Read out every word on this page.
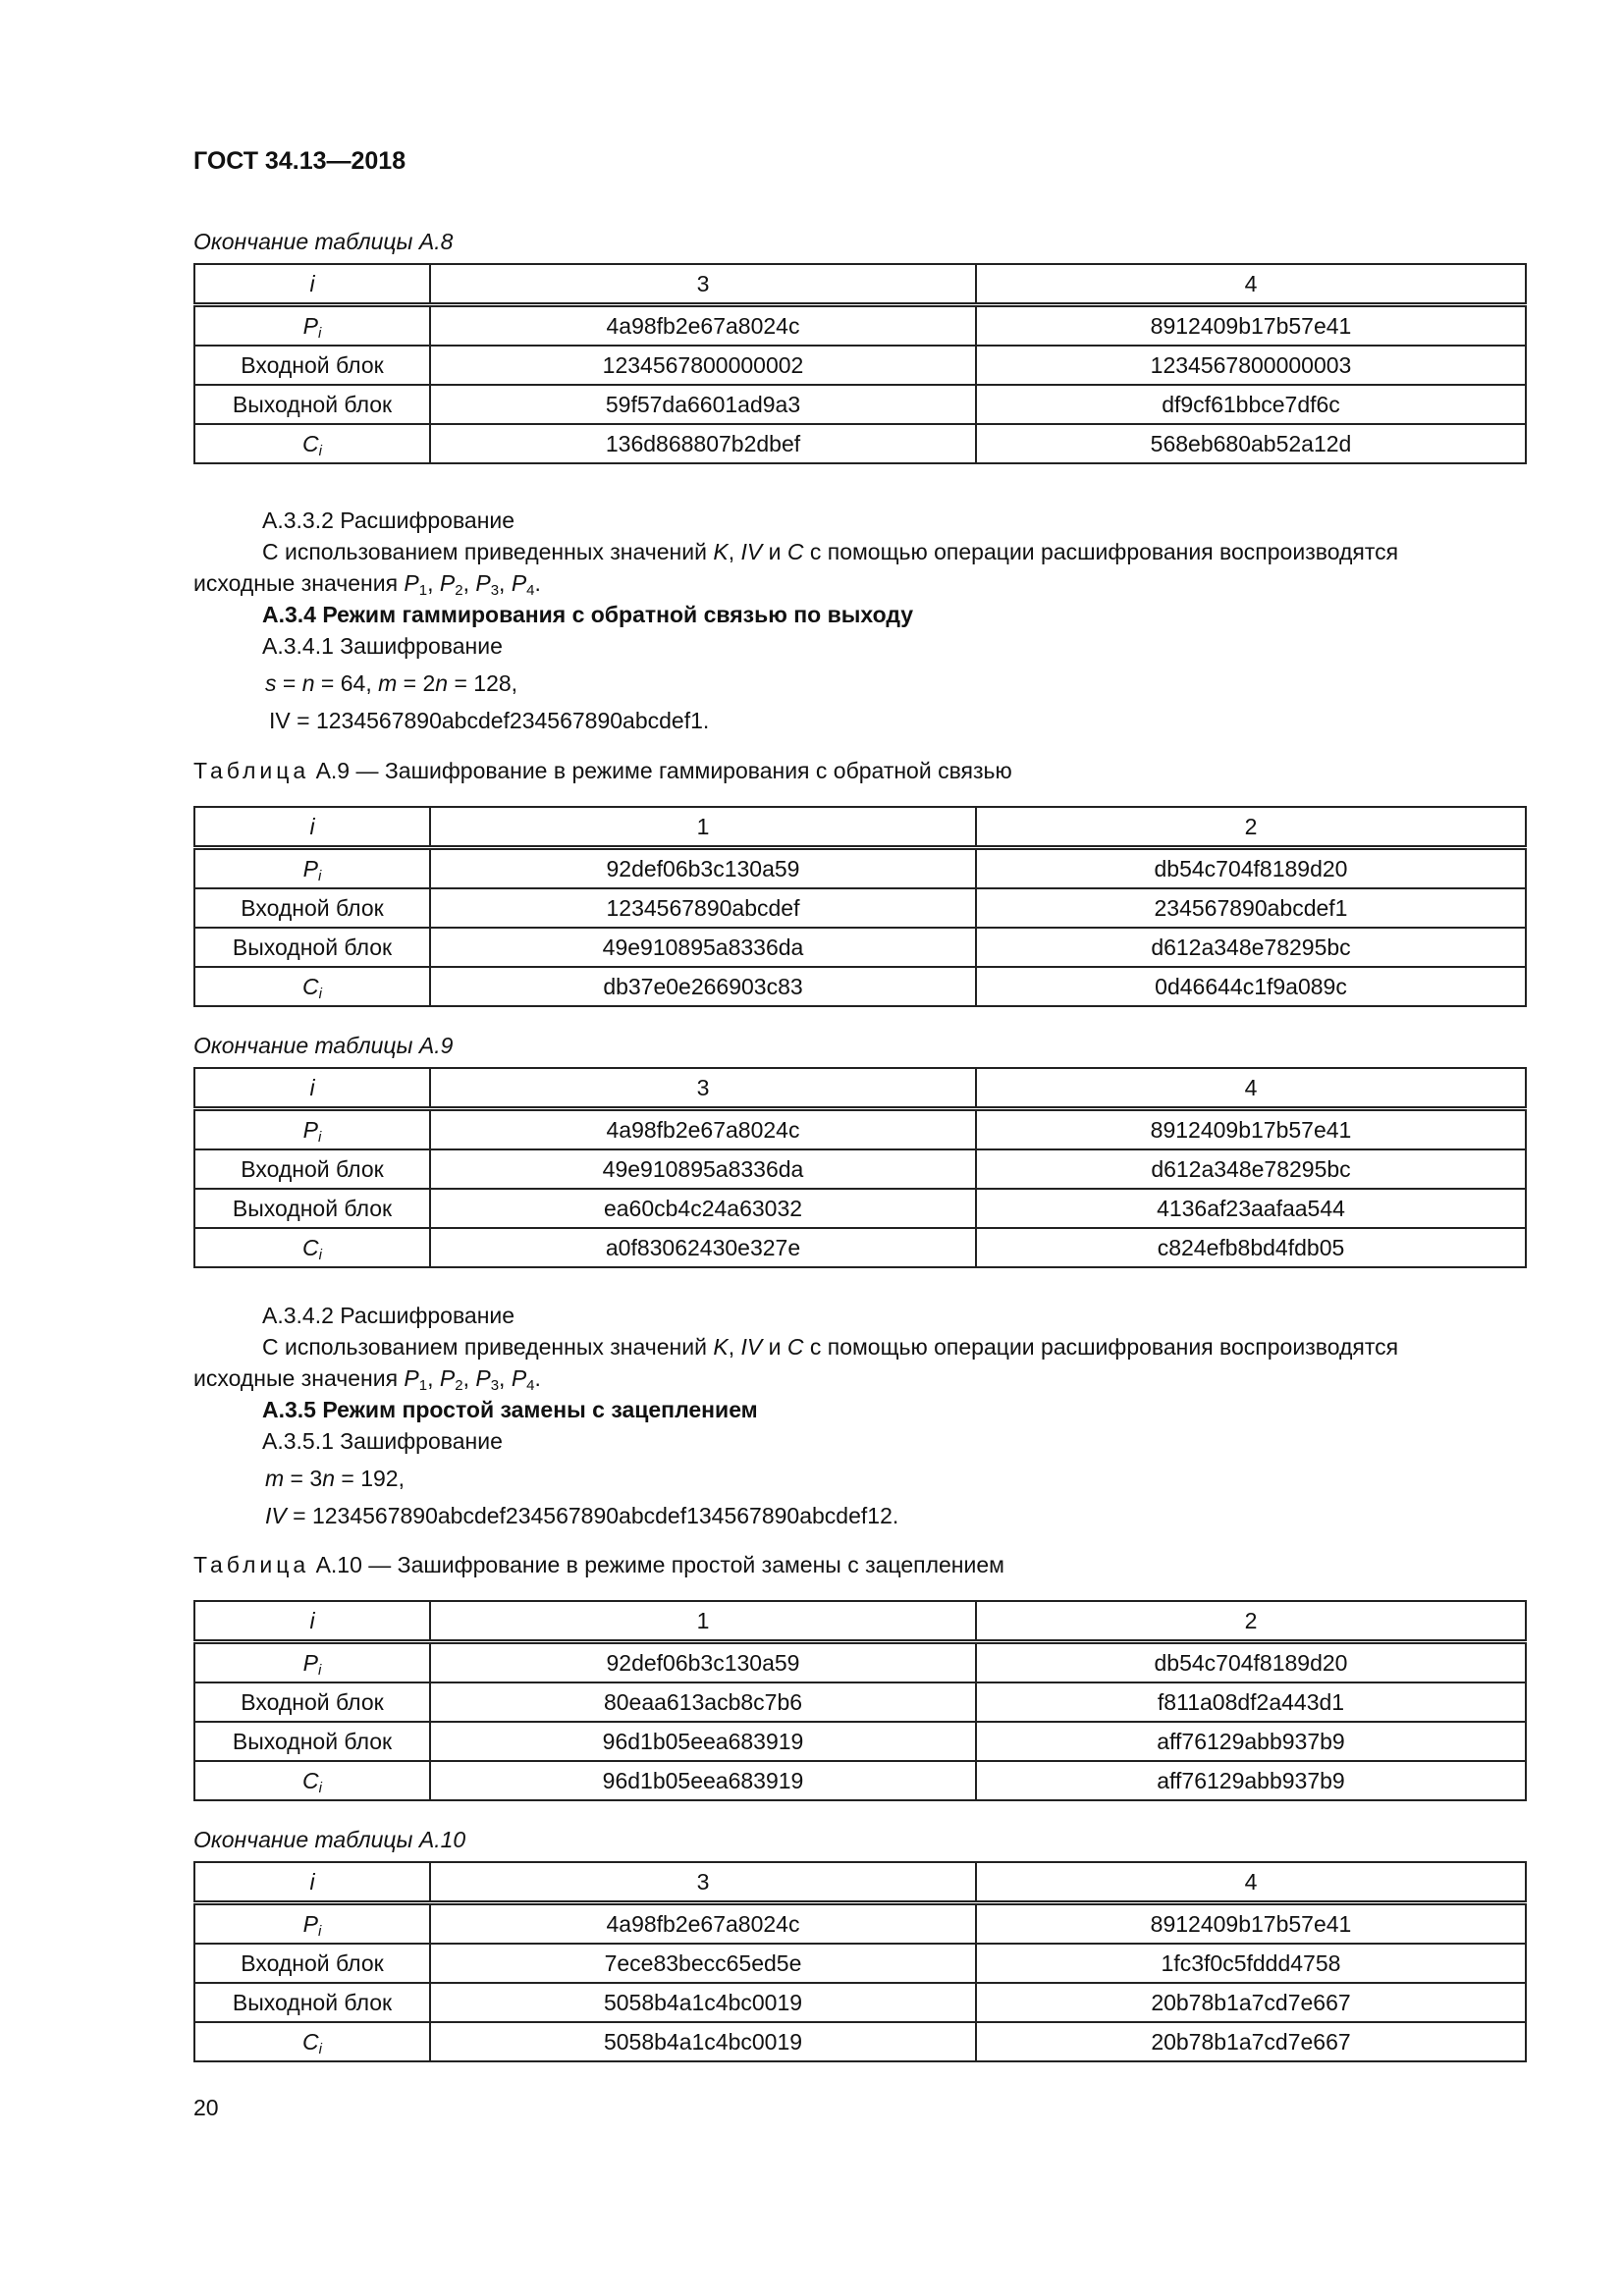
ГОСТ 34.13—2018
Окончание таблицы А.8
i	3	4
$P_i$	4a98fb2e67a8024c	8912409b17b57e41
Входной блок	1234567800000002	1234567800000003
Выходной блок	59f57da6601ad9a3	df9cf61bbce7df6c
$C_i$	136d868807b2dbef	568eb680ab52a12d
А.3.3.2 Расшифрование
С использованием приведенных значений K, IV и C с помощью операции расшифрования воспроизводятся
исходные значения $P_1$, $P_2$, $P_3$, $P_4$.
А.3.4 Режим гаммирования с обратной связью по выходу
А.3.4.1 Зашифрование
s = n = 64, m = 2n = 128,
IV = 1234567890abcdef234567890abcdef1.
Таблица А.9 — Зашифрование в режиме гаммирования с обратной связью
i	1	2
$P_i$	92def06b3c130a59	db54c704f8189d20
Входной блок	1234567890abcdef	234567890abcdef1
Выходной блок	49e910895a8336da	d612a348e78295bc
$C_i$	db37e0e266903c83	0d46644c1f9a089c
Окончание таблицы А.9
i	3	4
$P_i$	4a98fb2e67a8024c	8912409b17b57e41
Входной блок	49e910895a8336da	d612a348e78295bc
Выходной блок	ea60cb4c24a63032	4136af23aafaa544
$C_i$	a0f83062430e327e	c824efb8bd4fdb05
А.3.4.2 Расшифрование
С использованием приведенных значений K, IV и C с помощью операции расшифрования воспроизводятся
исходные значения $P_1$, $P_2$, $P_3$, $P_4$.
А.3.5 Режим простой замены с зацеплением
А.3.5.1 Зашифрование
m = 3n = 192,
IV = 1234567890abcdef234567890abcdef134567890abcdef12.
Таблица А.10 — Зашифрование в режиме простой замены с зацеплением
i	1	2
$P_i$	92def06b3c130a59	db54c704f8189d20
Входной блок	80eaa613acb8c7b6	f811a08df2a443d1
Выходной блок	96d1b05eea683919	aff76129abb937b9
$C_i$	96d1b05eea683919	aff76129abb937b9
Окончание таблицы А.10
i	3	4
$P_i$	4a98fb2e67a8024c	8912409b17b57e41
Входной блок	7ece83becc65ed5e	1fc3f0c5fddd4758
Выходной блок	5058b4a1c4bc0019	20b78b1a7cd7e667
$C_i$	5058b4a1c4bc0019	20b78b1a7cd7e667
20
